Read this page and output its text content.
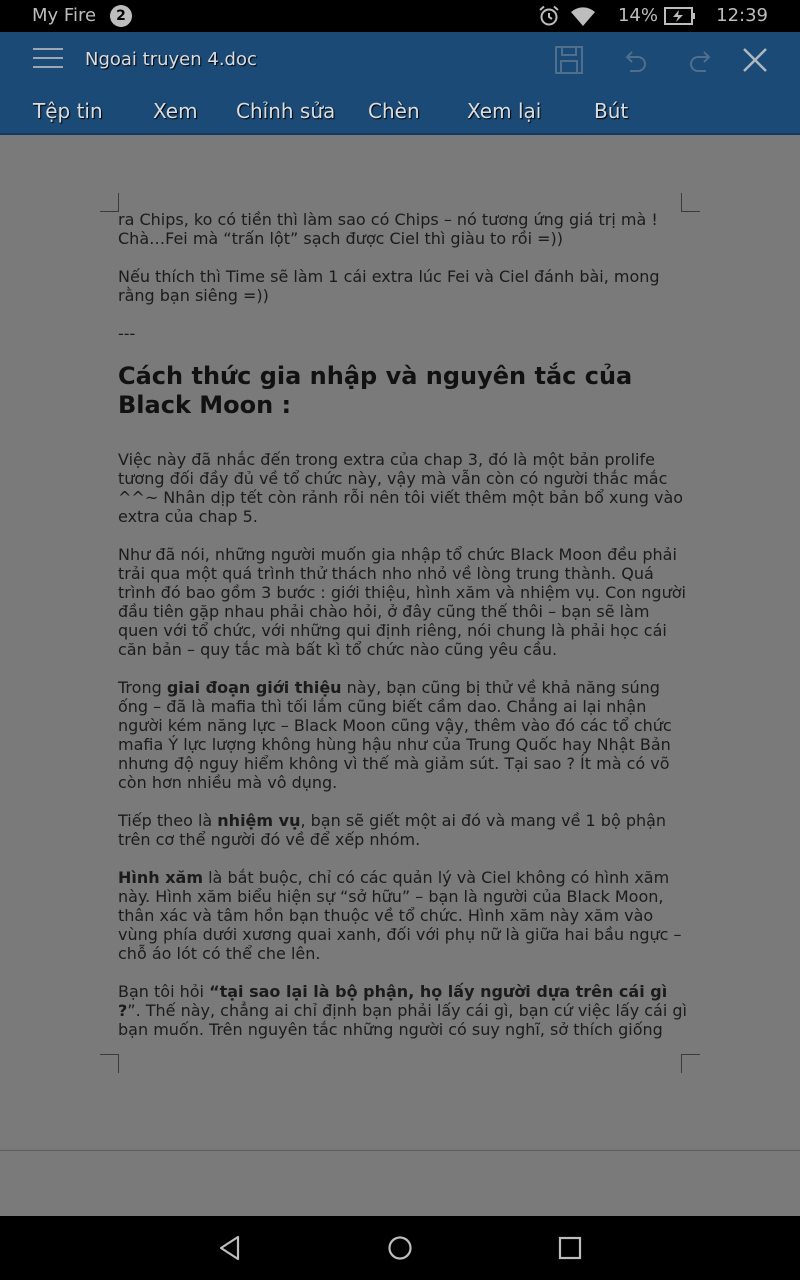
My Fire	2	14%	12:39
Ngoai truyen 4.doc
Tệp tin	Xem Chỉnh sửa Chèn Xem lại	Bút

ra Chips, ko có tiền thì làm sao có Chips – nó tương ứng giá trị mà ! Chà…Fei mà “trấn lột” sạch được Ciel thì giàu to rồi =))

Nếu thích thì Time sẽ làm 1 cái extra lúc Fei và Ciel đánh bài, mong rằng bạn siêng =))

---

Cách thức gia nhập và nguyên tắc của Black Moon :

Việc này đã nhắc đến trong extra của chap 3, đó là một bản prolife tương đối đầy đủ về tổ chức này, vậy mà vẫn còn có người thắc mắc ^^~ Nhân dịp tết còn rảnh rỗi nên tôi viết thêm một bản bổ xung vào extra của chap 5.

Như đã nói, những người muốn gia nhập tổ chức Black Moon đều phải trải qua một quá trình thử thách nho nhỏ về lòng trung thành. Quá trình đó bao gồm 3 bước : giới thiệu, hình xăm và nhiệm vụ. Con người đầu tiên gặp nhau phải chào hỏi, ở đây cũng thế thôi – bạn sẽ làm quen với tổ chức, với những qui định riêng, nói chung là phải học cái căn bản – quy tắc mà bất kì tổ chức nào cũng yêu cầu.

Trong giai đoạn giới thiệu này, bạn cũng bị thử về khả năng súng ống – đã là mafia thì tối lắm cũng biết cầm dao. Chẳng ai lại nhận người kém năng lực – Black Moon cũng vậy, thêm vào đó các tổ chức mafia Ý lực lượng không hùng hậu như của Trung Quốc hay Nhật Bản nhưng độ nguy hiểm không vì thế mà giảm sút. Tại sao ? Ít mà có võ còn hơn nhiều mà vô dụng.

Tiếp theo là nhiệm vụ, bạn sẽ giết một ai đó và mang về 1 bộ phận trên cơ thể người đó về để xếp nhóm.

Hình xăm là bắt buộc, chỉ có các quản lý và Ciel không có hình xăm này. Hình xăm biểu hiện sự “sở hữu” – bạn là người của Black Moon, thân xác và tâm hồn bạn thuộc về tổ chức. Hình xăm này xăm vào vùng phía dưới xương quai xanh, đối với phụ nữ là giữa hai bầu ngực – chỗ áo lót có thể che lên.

Bạn tôi hỏi “tại sao lại là bộ phận, họ lấy người dựa trên cái gì ?”. Thế này, chẳng ai chỉ định bạn phải lấy cái gì, bạn cứ việc lấy cái gì bạn muốn. Trên nguyên tắc những người có suy nghĩ, sở thích giống
